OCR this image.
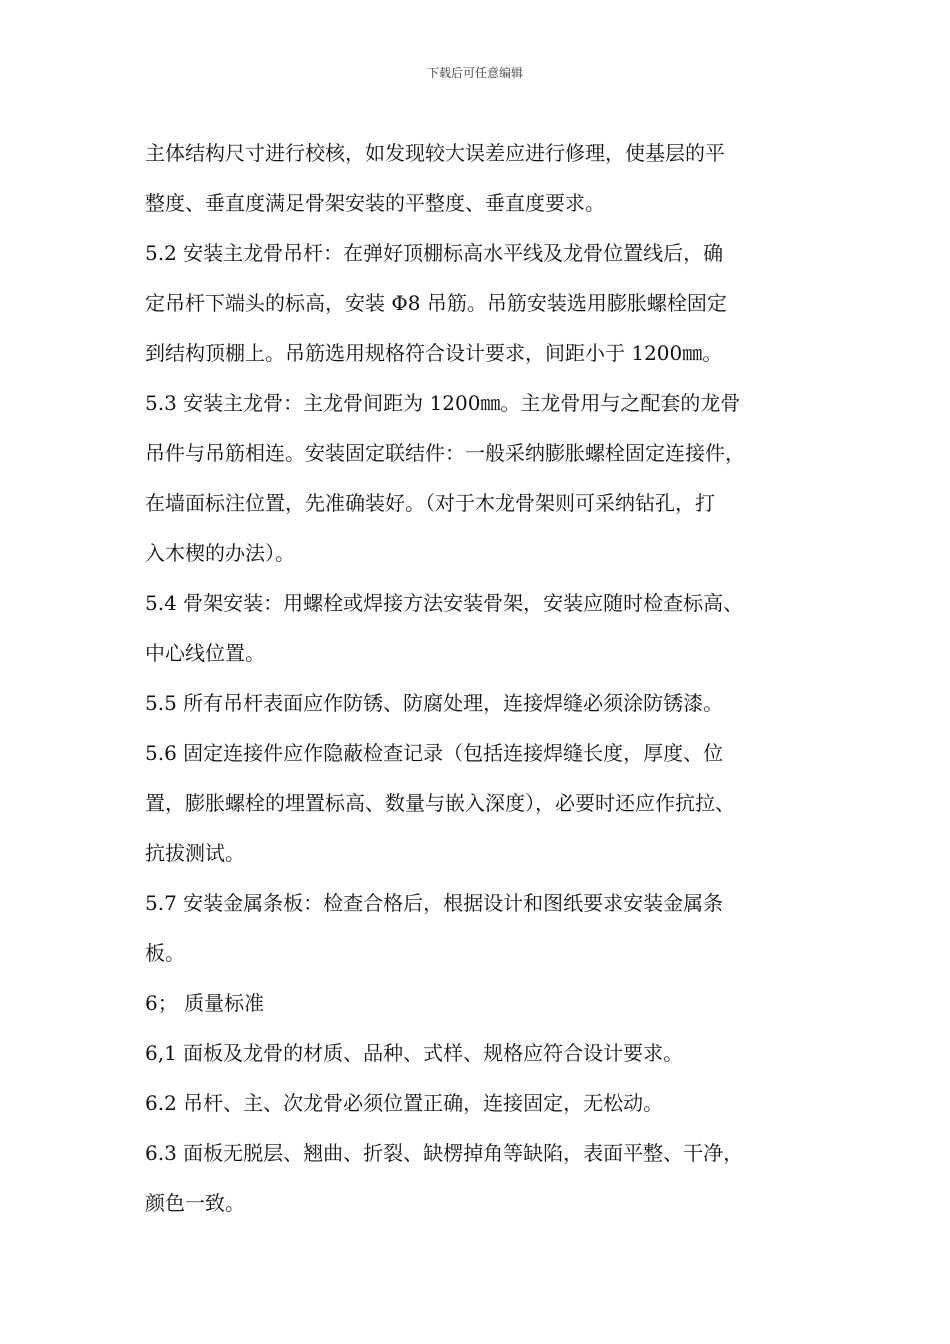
下载后可任意编辑
主体结构尺寸进行校核，如发现较大误差应进行修理，使基层的平
整度、垂直度满足骨架安装的平整度、垂直度要求。
5.2 安装主龙骨吊杆：在弹好顶棚标高水平线及龙骨位置线后，确
定吊杆下端头的标高，安装 Φ8 吊筋。吊筋安装选用膨胀螺栓固定
到结构顶棚上。吊筋选用规格符合设计要求，间距小于 1200㎜。
5.3 安装主龙骨：主龙骨间距为 1200㎜。主龙骨用与之配套的龙骨
吊件与吊筋相连。安装固定联结件：一般采纳膨胀螺栓固定连接件，
在墙面标注位置，先准确装好。（对于木龙骨架则可采纳钻孔，打
入木楔的办法）。
5.4 骨架安装：用螺栓或焊接方法安装骨架，安装应随时检查标高、
中心线位置。
5.5 所有吊杆表面应作防锈、防腐处理，连接焊缝必须涂防锈漆。
5.6 固定连接件应作隐蔽检查记录（包括连接焊缝长度，厚度、位
置，膨胀螺栓的埋置标高、数量与嵌入深度），必要时还应作抗拉、
抗拔测试。
5.7 安装金属条板：检查合格后，根据设计和图纸要求安装金属条
板。
6； 质量标准
6,1 面板及龙骨的材质、品种、式样、规格应符合设计要求。
6.2 吊杆、主、次龙骨必须位置正确，连接固定，无松动。
6.3 面板无脱层、翘曲、折裂、缺楞掉角等缺陷，表面平整、干净，
颜色一致。
